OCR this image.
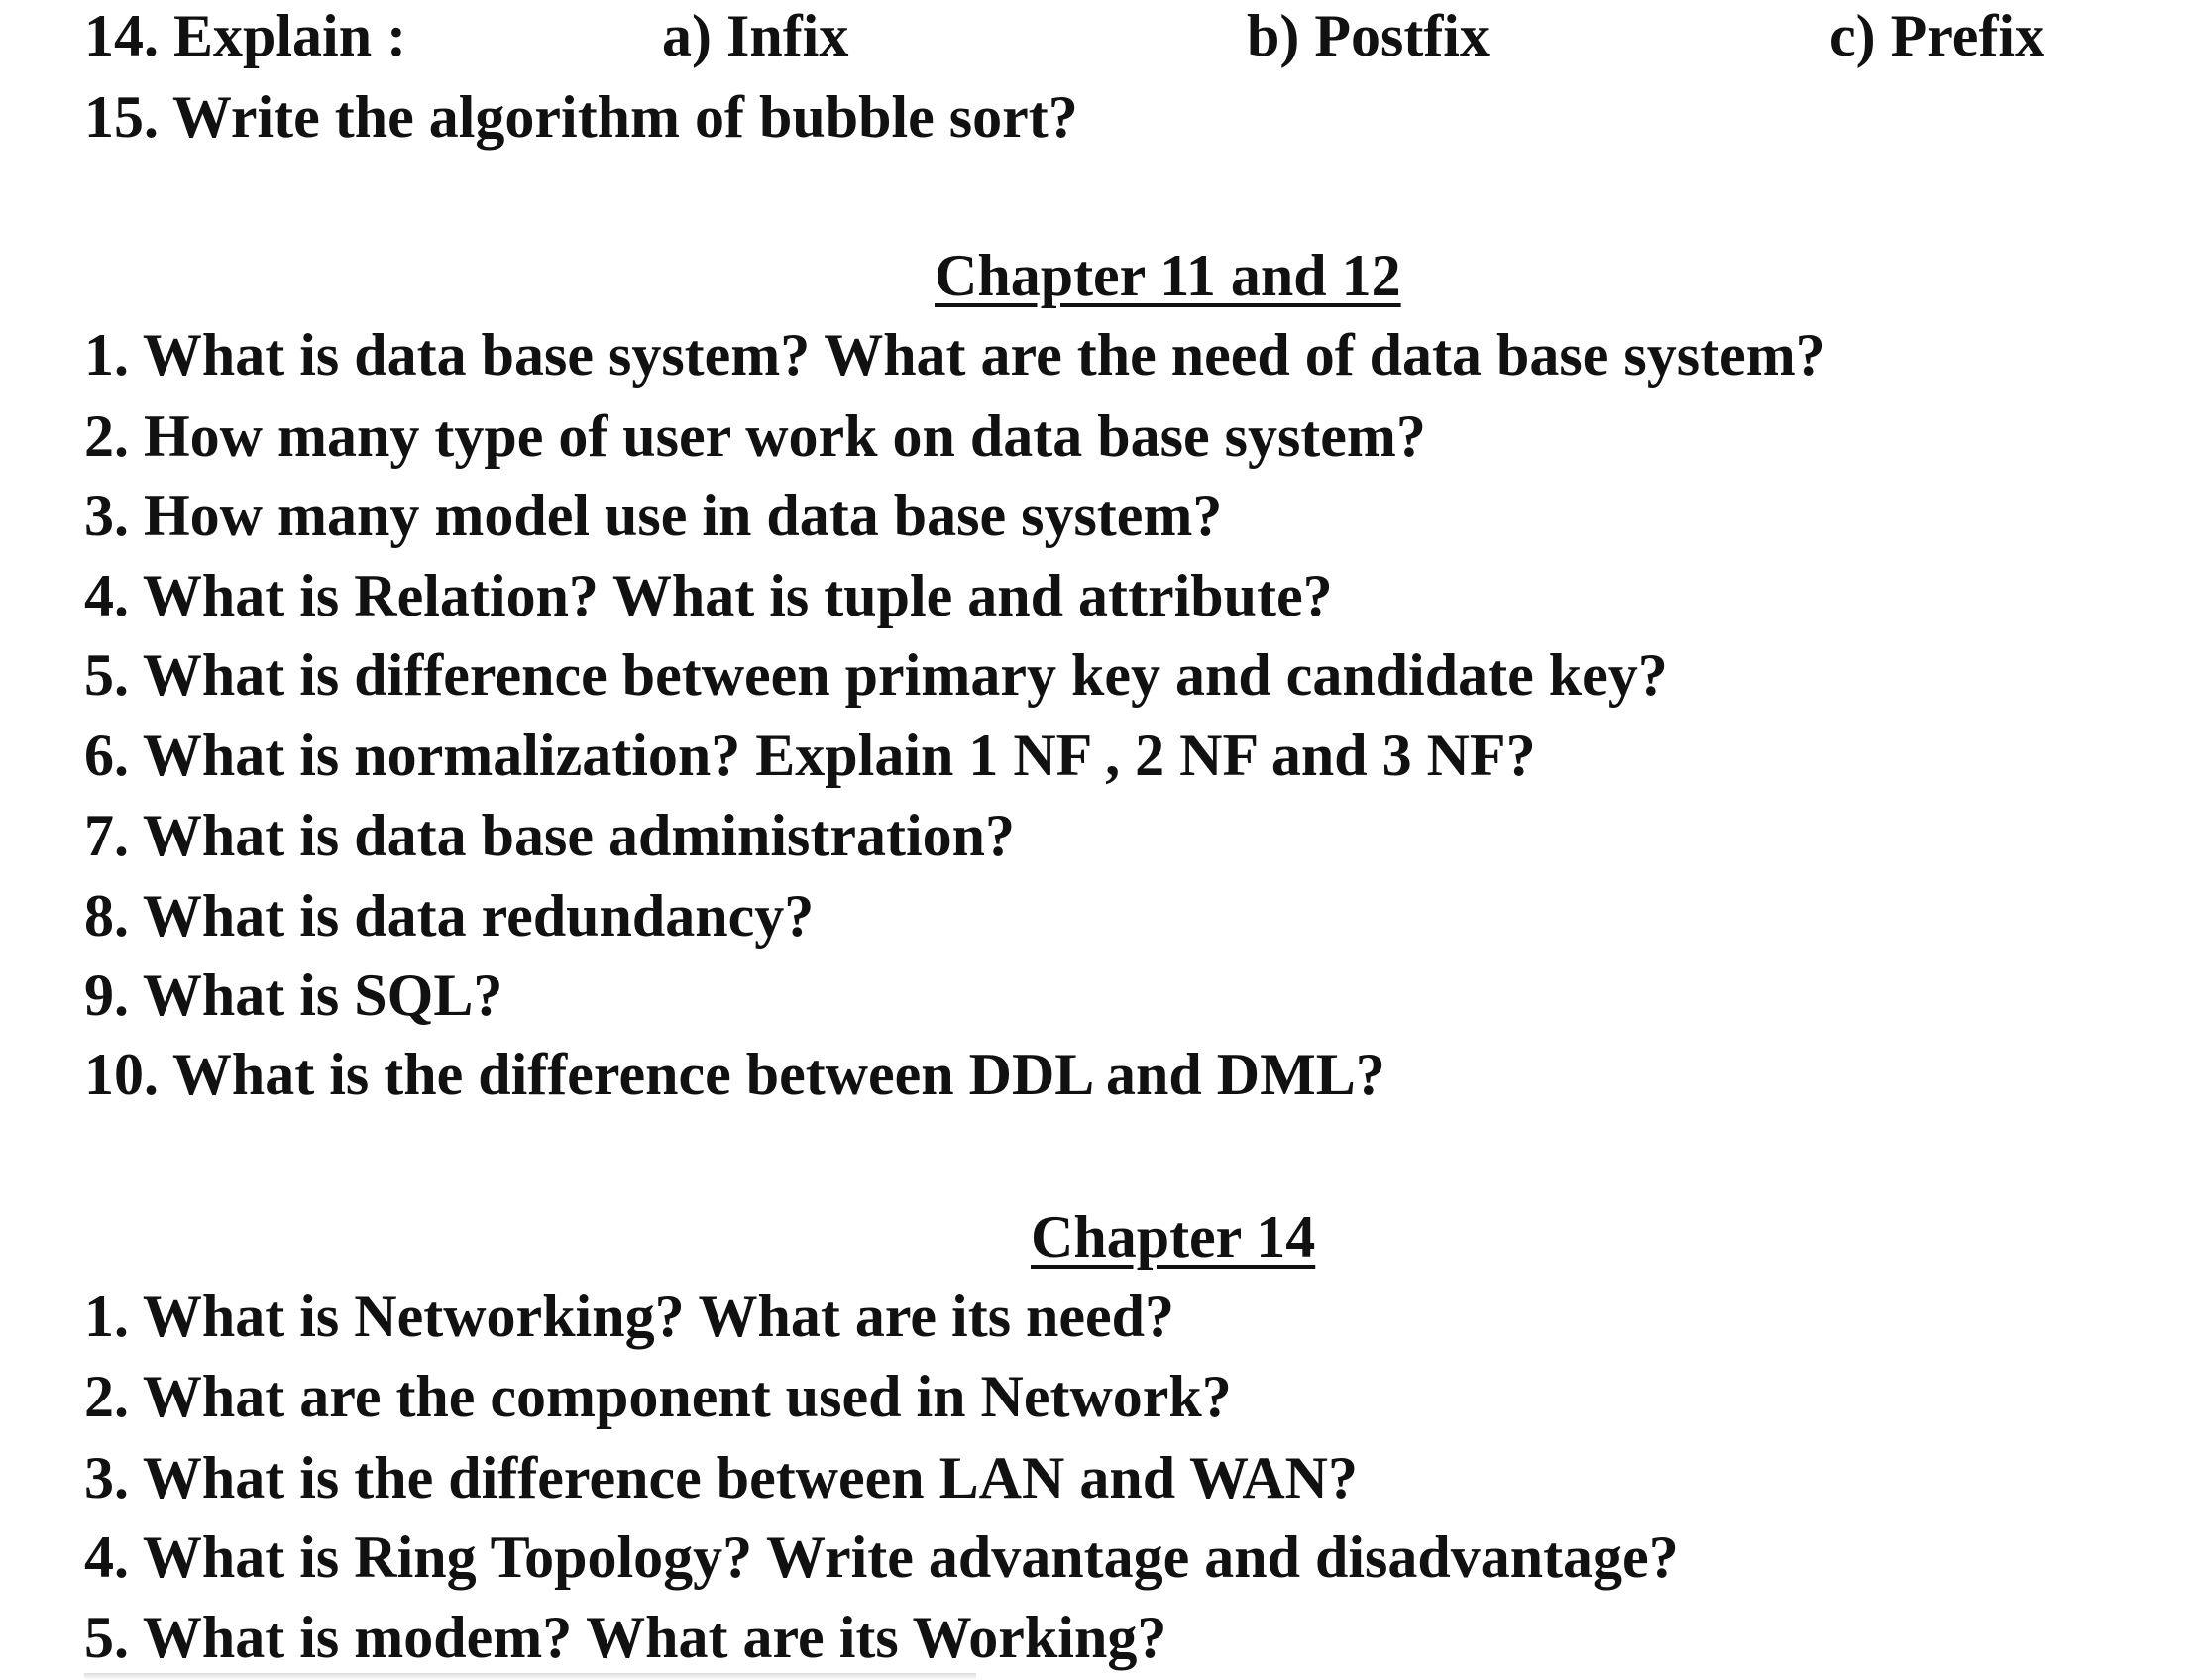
14. Explain :	a) Infix	b) Postfix	c) Prefix
15. Write the algorithm of bubble sort?
Chapter 11 and 12
1. What is data base system? What are the need of data base system?
2. How many type of user work on data base system?
3. How many model use in data base system?
4. What is Relation? What is tuple and attribute?
5. What is difference between primary key and candidate key?
6. What is normalization? Explain 1 NF , 2 NF and 3 NF?
7. What is data base administration?
8. What is data redundancy?
9. What is SQL?
10. What is the difference between DDL and DML?
Chapter 14
1. What is Networking? What are its need?
2. What are the component used in Network?
3. What is the difference between LAN and WAN?
4. What is Ring Topology? Write advantage and disadvantage?
5. What is modem? What are its Working?
